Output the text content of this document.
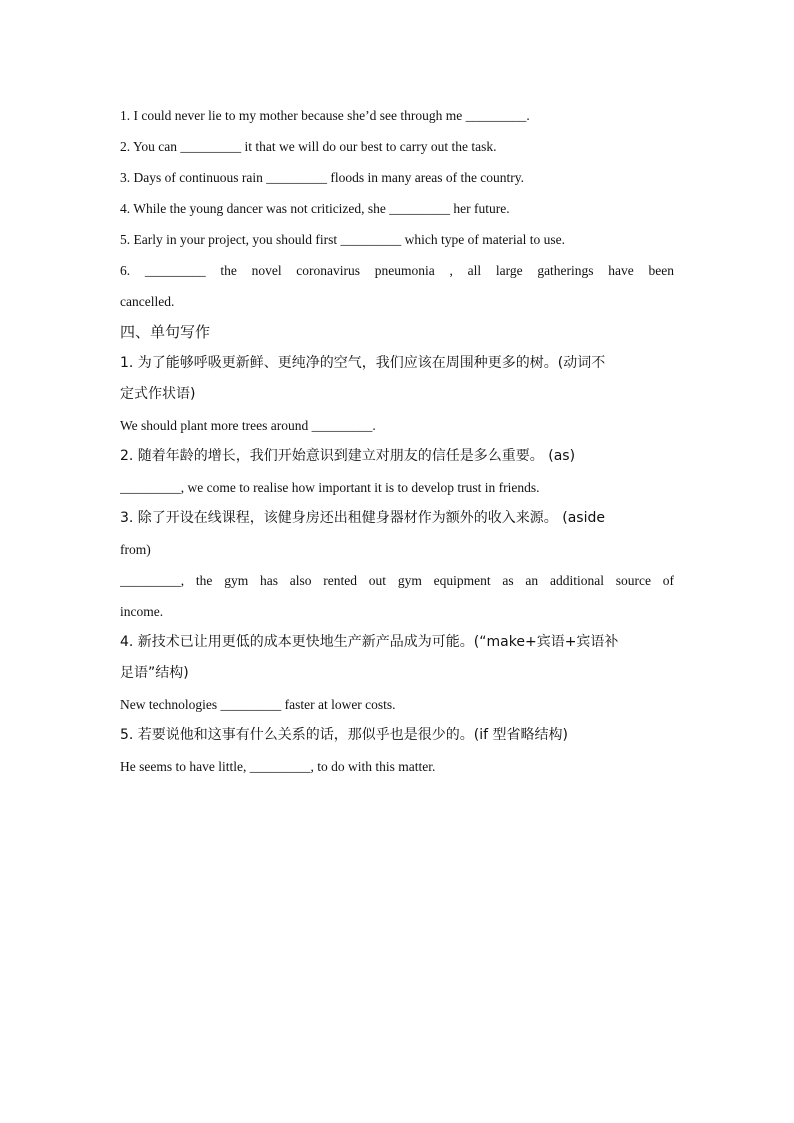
1. I could never lie to my mother because she’d see through me _________.
2. You can _________ it that we will do our best to carry out the task.
3. Days of continuous rain _________ floods in many areas of the country.
4. While the young dancer was not criticized, she _________ her future.
5. Early in your project, you should first _________ which type of material to use.
6. _________ the novel coronavirus pneumonia , all large gatherings have been
cancelled.
四、单句写作
1. 为了能够呼吸更新鲜、更纯净的空气，我们应该在周围种更多的树。(动词不
定式作状语)
We should plant more trees around _________.
2. 随着年龄的增长，我们开始意识到建立对朋友的信任是多么重要。 (as)
_________, we come to realise how important it is to develop trust in friends.
3. 除了开设在线课程，该健身房还出租健身器材作为额外的收入来源。 (aside
from)
_________, the gym has also rented out gym equipment as an additional source of
income.
4. 新技术已让用更低的成本更快地生产新产品成为可能。(“make+宾语+宾语补
足语”结构)
New technologies _________ faster at lower costs.
5. 若要说他和这事有什么关系的话，那似乎也是很少的。(if 型省略结构)
He seems to have little, _________, to do with this matter.
